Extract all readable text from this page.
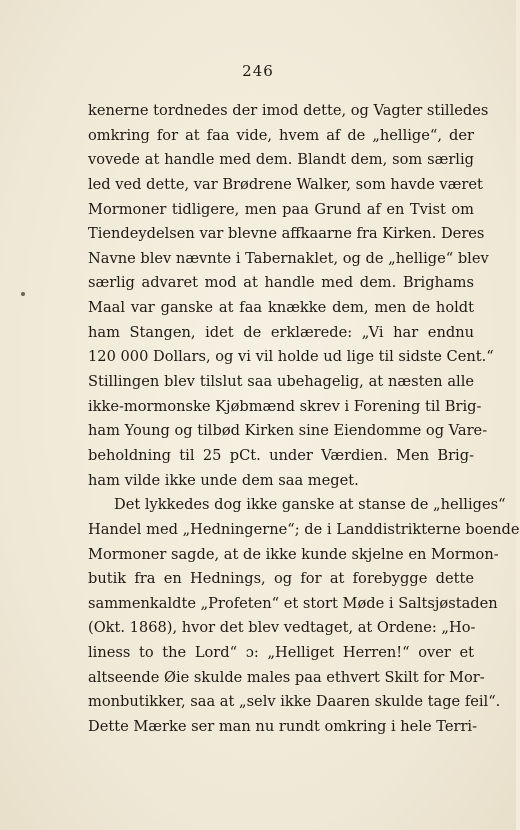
246
kenerne tordnedes der imod dette, og Vagter stilledes
omkring for at faa vide, hvem af de „hellige“, der
vovede at handle med dem. Blandt dem, som særlig
led ved dette, var Brødrene Walker, som havde været
Mormoner tidligere, men paa Grund af en Tvist om
Tiendeydelsen var blevne affkaarne fra Kirken. Deres
Navne blev nævnte i Tabernaklet, og de „hellige“ blev
særlig advaret mod at handle med dem. Brighams
Maal var ganske at faa knække dem, men de holdt
ham Stangen, idet de erklærede: „Vi har endnu
120 000 Dollars, og vi vil holde ud lige til sidste Cent.“
Stillingen blev tilslut saa ubehagelig, at næsten alle
ikke-mormonske Kjøbmænd skrev i Forening til Brig-
ham Young og tilbød Kirken sine Eiendomme og Vare-
beholdning til 25 pCt. under Værdien. Men Brig-
ham vilde ikke unde dem saa meget.
Det lykkedes dog ikke ganske at stanse de „helliges“
Handel med „Hedningerne“; de i Landdistrikterne boende
Mormoner sagde, at de ikke kunde skjelne en Mormon-
butik fra en Hednings, og for at forebygge dette
sammenkaldte „Profeten“ et stort Møde i Saltsjøstaden
(Okt. 1868), hvor det blev vedtaget, at Ordene: „Ho-
liness to the Lord“ ɔ: „Helliget Herren!“ over et
altseende Øie skulde males paa ethvert Skilt for Mor-
monbutikker, saa at „selv ikke Daaren skulde tage feil“.
Dette Mærke ser man nu rundt omkring i hele Terri-
